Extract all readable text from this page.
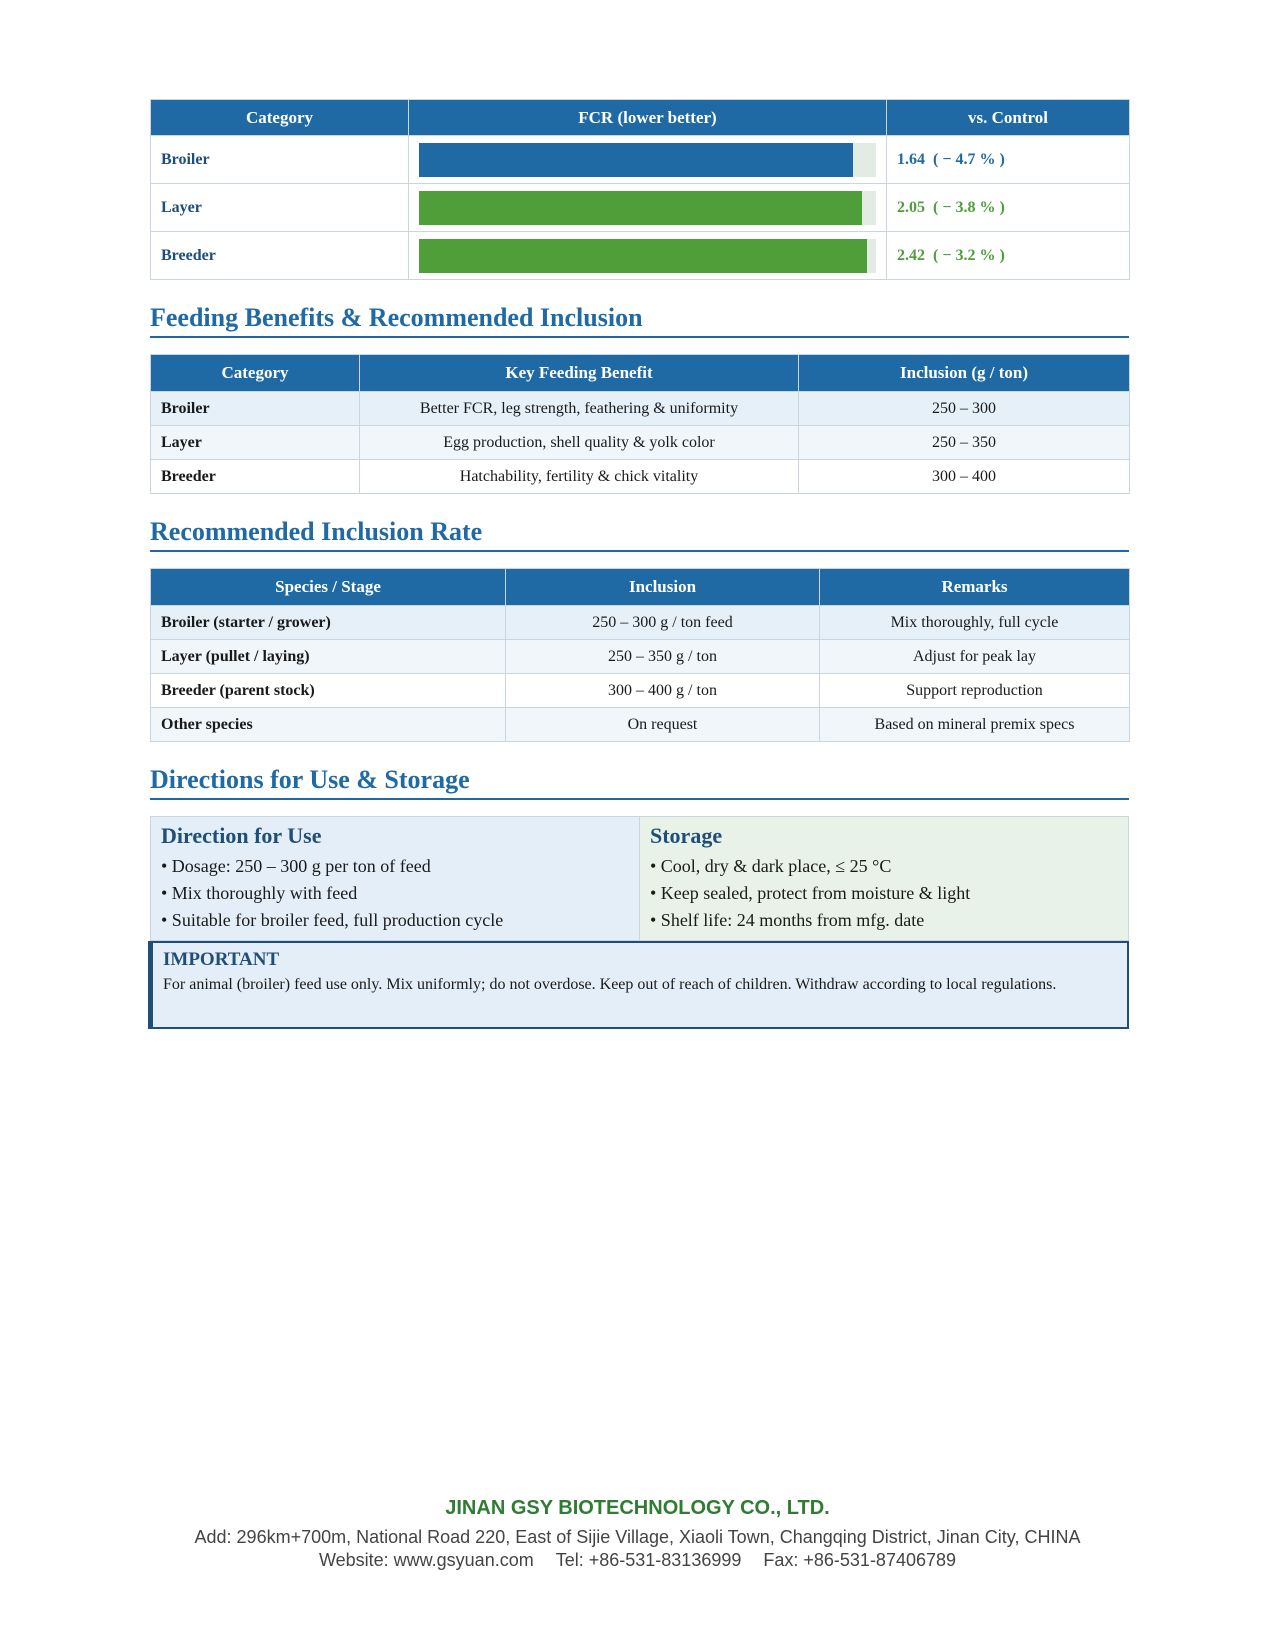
Category	FCR (lower better)	vs. Control
Broiler		1.64 ( − 4.7 % )
Layer		2.05 ( − 3.8 % )
Breeder		2.42 ( − 3.2 % )
Feeding Benefits & Recommended Inclusion
Category	Key Feeding Benefit	Inclusion (g / ton)
Broiler	Better FCR, leg strength, feathering & uniformity	250 – 300
Layer	Egg production, shell quality & yolk color	250 – 350
Breeder	Hatchability, fertility & chick vitality	300 – 400
Recommended Inclusion Rate
Species / Stage	Inclusion	Remarks
Broiler (starter / grower)	250 – 300 g / ton feed	Mix thoroughly, full cycle
Layer (pullet / laying)	250 – 350 g / ton	Adjust for peak lay
Breeder (parent stock)	300 – 400 g / ton	Support reproduction
Other species	On request	Based on mineral premix specs
Directions for Use & Storage
Direction for Use
• Dosage: 250 – 300 g per ton of feed
• Mix thoroughly with feed
• Suitable for broiler feed, full production cycle
Storage
• Cool, dry & dark place, ≤ 25 °C
• Keep sealed, protect from moisture & light
• Shelf life: 24 months from mfg. date
IMPORTANT

For animal (broiler) feed use only. Mix uniformly; do not overdose. Keep out of reach of children. Withdraw according to local regulations.

JINAN GSY BIOTECHNOLOGY CO., LTD.
Add: 296km+700m, National Road 220, East of Sijie Village, Xiaoli Town, Changqing District, Jinan City, CHINA
Website: www.gsyuan.com Tel: +86-531-83136999 Fax: +86-531-87406789
